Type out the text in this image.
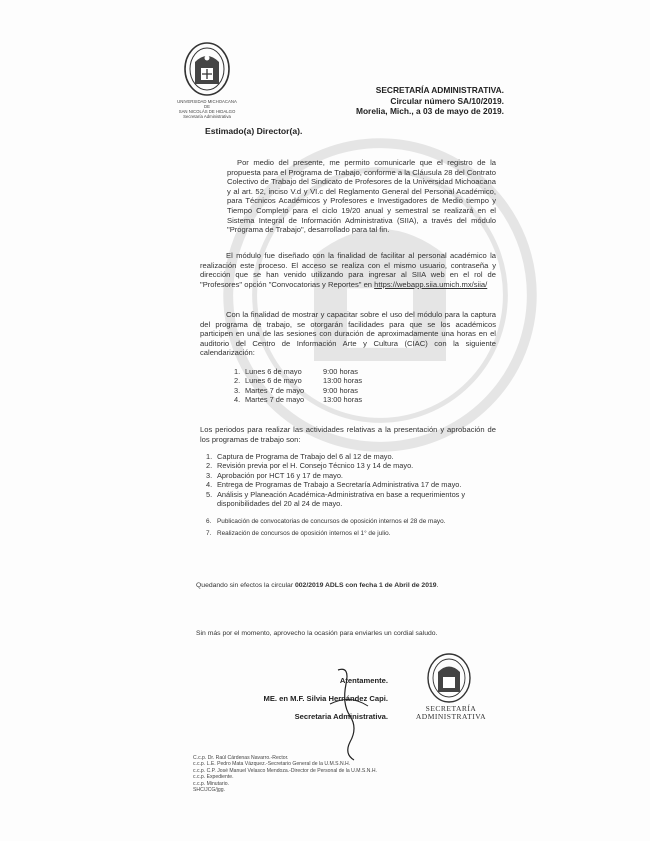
UNIVERSIDAD MICHOACANA DE
SAN NICOLÁS DE HIDALGO
Secretaría Administrativa
SECRETARÍA ADMINISTRATIVA.
Circular número SA/10/2019.
Morelia, Mich., a 03 de mayo de 2019.
Estimado(a) Director(a).
Por medio del presente, me permito comunicarle que el registro de la propuesta para el Programa de Trabajo, conforme a la Cláusula 28 del Contrato Colectivo de Trabajo del Sindicato de Profesores de la Universidad Michoacana y al art. 52, inciso V.d y VI.c del Reglamento General del Personal Académico, para Técnicos Académicos y Profesores e Investigadores de Medio tiempo y Tiempo Completo para el ciclo 19/20 anual y semestral se realizará en el Sistema Integral de Información Administrativa (SIIA), a través del módulo "Programa de Trabajo", desarrollado para tal fin.
El módulo fue diseñado con la finalidad de facilitar al personal académico la realización este proceso. El acceso se realiza con el mismo usuario, contraseña y dirección que se han venido utilizando para ingresar al SIIA web en el rol de "Profesores" opción "Convocatorias y Reportes" en https://webapp.siia.umich.mx/siia/
Con la finalidad de mostrar y capacitar sobre el uso del módulo para la captura del programa de trabajo, se otorgarán facilidades para que se los académicos participen en una de las sesiones con duración de aproximadamente una horas en el auditorio del Centro de Información Arte y Cultura (CIAC) con la siguiente calendarización:
1. Lunes 6 de mayo	9:00 horas
2. Lunes 6 de mayo	13:00 horas
3. Martes 7 de mayo	9:00 horas
4. Martes 7 de mayo	13:00 horas
Los periodos para realizar las actividades relativas a la presentación y aprobación de los programas de trabajo son:
1. Captura de Programa de Trabajo del 6 al 12 de mayo.
2. Revisión previa por el H. Consejo Técnico 13 y 14 de mayo.
3. Aprobación por HCT 16 y 17 de mayo.
4. Entrega de Programas de Trabajo a Secretaría Administrativa 17 de mayo.
5. Análisis y Planeación Académica-Administrativa en base a requerimientos y disponibilidades del 20 al 24 de mayo.
6. Publicación de convocatorias de concursos de oposición internos el 28 de mayo.
7. Realización de concursos de oposición internos el 1° de julio.
Quedando sin efectos la circular 002/2019 ADLS con fecha 1 de Abril de 2019.
Sin más por el momento, aprovecho la ocasión para enviarles un cordial saludo.
Atentamente.
ME. en M.F. Silvia Hernández Capi.
Secretaria Administrativa.
SECRETARÍA
ADMINISTRATIVA
C.c.p. Dr. Raúl Cárdenas Navarro.-Rector.
c.c.p. L.E. Pedro Mata Vázquez.-Secretario General de la U.M.S.N.H.
c.c.p. C.P. José Manuel Velasco Mendoza.-Director de Personal de la U.M.S.N.H.
c.c.p. Expediente.
c.c.p. Minutario.
SHC/JCG/jgg.
